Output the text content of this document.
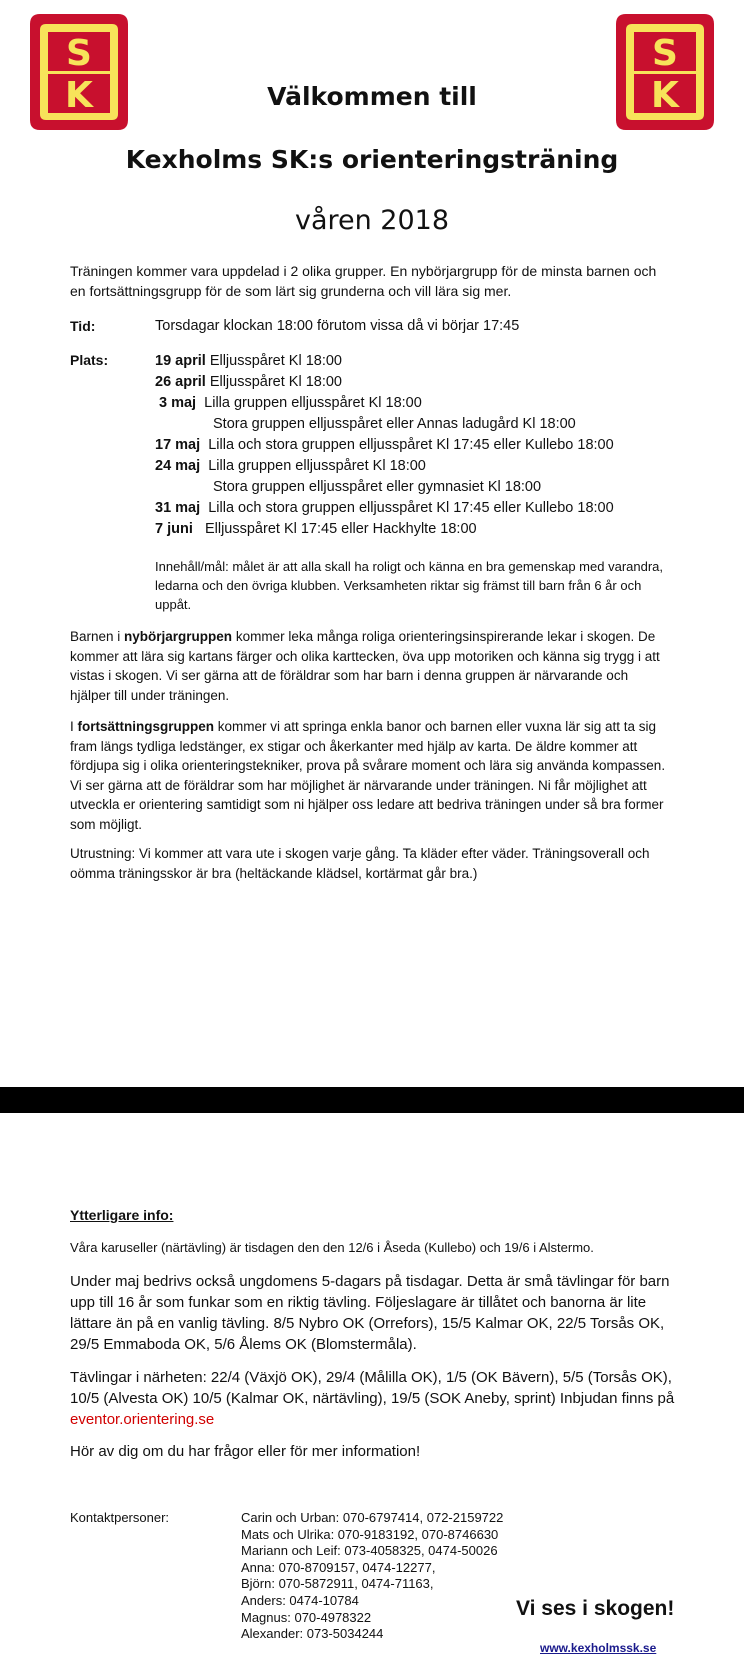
S
K
S
K
Välkommen till
Kexholms SK:s orienteringsträning
våren 2018

Träningen kommer vara uppdelad i 2 olika grupper. En nybörjargrupp för de minsta barnen och en fortsättningsgrupp för de som lärt sig grunderna och vill lära sig mer.

Tid:	Torsdagar klockan 18:00 förutom vissa då vi börjar 17:45
Plats:	19 april Elljusspåret Kl 18:00
26 april Elljusspåret Kl 18:00
3 maj Lilla gruppen elljusspåret Kl 18:00
Stora gruppen elljusspåret eller Annas ladugård Kl 18:00
17 maj Lilla och stora gruppen elljusspåret Kl 17:45 eller Kullebo 18:00
24 maj Lilla gruppen elljusspåret Kl 18:00
Stora gruppen elljusspåret eller gymnasiet Kl 18:00
31 maj Lilla och stora gruppen elljusspåret Kl 17:45 eller Kullebo 18:00
7 juni Elljusspåret Kl 17:45 eller Hackhylte 18:00

Innehåll/mål: målet är att alla skall ha roligt och känna en bra gemenskap med varandra, ledarna och den övriga klubben. Verksamheten riktar sig främst till barn från 6 år och uppåt.

Barnen i nybörjargruppen kommer leka många roliga orienteringsinspirerande lekar i skogen. De kommer att lära sig kartans färger och olika karttecken, öva upp motoriken och känna sig trygg i att vistas i skogen. Vi ser gärna att de föräldrar som har barn i denna gruppen är närvarande och hjälper till under träningen.

I fortsättningsgruppen kommer vi att springa enkla banor och barnen eller vuxna lär sig att ta sig fram längs tydliga ledstänger, ex stigar och åkerkanter med hjälp av karta. De äldre kommer att fördjupa sig i olika orienteringstekniker, prova på svårare moment och lära sig använda kompassen. Vi ser gärna att de föräldrar som har möjlighet är närvarande under träningen. Ni får möjlighet att utveckla er orientering samtidigt som ni hjälper oss ledare att bedriva träningen under så bra former som möjligt.

Utrustning: Vi kommer att vara ute i skogen varje gång. Ta kläder efter väder. Träningsoverall och oömma träningsskor är bra (heltäckande klädsel, kortärmat går bra.)

Ytterligare info:

Våra karuseller (närtävling) är tisdagen den den 12/6 i Åseda (Kullebo) och 19/6 i Alstermo.

Under maj bedrivs också ungdomens 5-dagars på tisdagar. Detta är små tävlingar för barn upp till 16 år som funkar som en riktig tävling. Följeslagare är tillåtet och banorna är lite lättare än på en vanlig tävling. 8/5 Nybro OK (Orrefors), 15/5 Kalmar OK, 22/5 Torsås OK, 29/5 Emmaboda OK, 5/6 Ålems OK (Blomstermåla).

Tävlingar i närheten: 22/4 (Växjö OK), 29/4 (Målilla OK), 1/5 (OK Bävern), 5/5 (Torsås OK), 10/5 (Alvesta OK) 10/5 (Kalmar OK, närtävling), 19/5 (SOK Aneby, sprint) Inbjudan finns på eventor.orientering.se

Hör av dig om du har frågor eller för mer information!

Kontaktpersoner:	Carin och Urban: 070-6797414, 072-2159722
Mats och Ulrika: 070-9183192, 070-8746630
Mariann och Leif: 073-4058325, 0474-50026
Anna: 070-8709157, 0474-12277,
Björn: 070-5872911, 0474-71163,
Anders: 0474-10784
Magnus: 070-4978322
Alexander: 073-5034244
Vi ses i skogen!
www.kexholmssk.se
